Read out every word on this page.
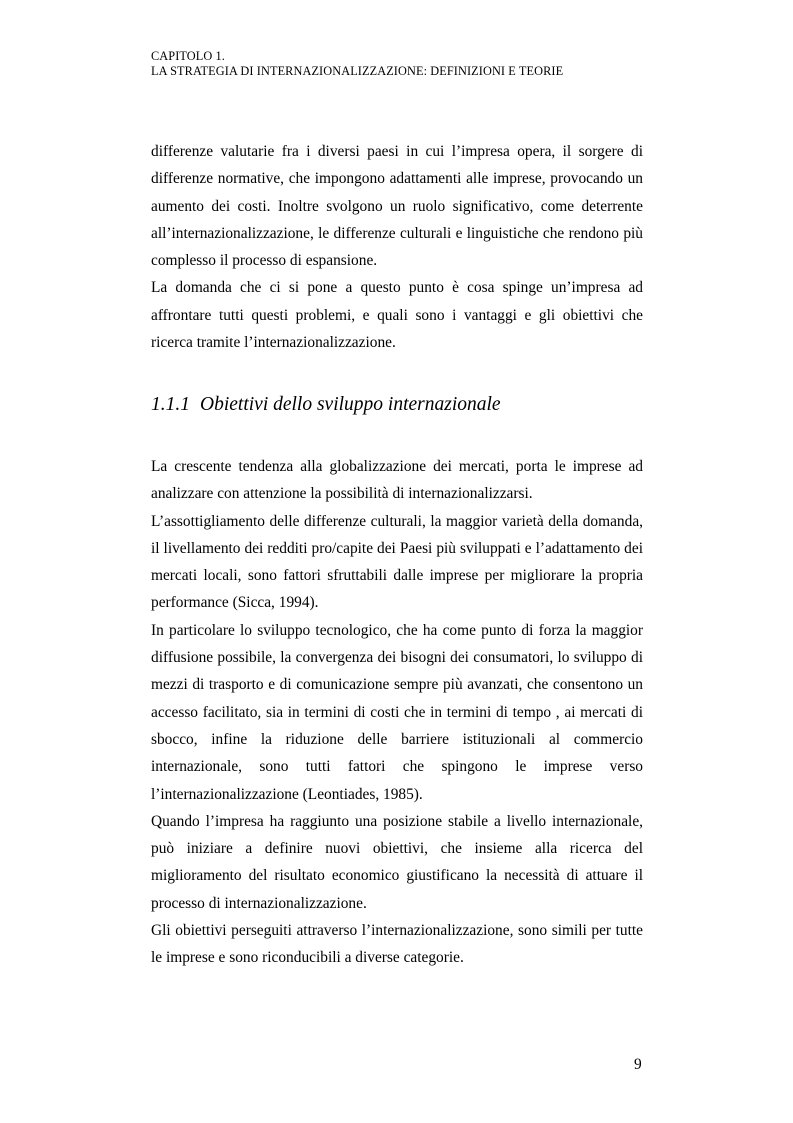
CAPITOLO 1.
LA STRATEGIA DI INTERNAZIONALIZZAZIONE: DEFINIZIONI E TEORIE

differenze valutarie fra i diversi paesi in cui l’impresa opera, il sorgere di differenze normative, che impongono adattamenti alle imprese, provocando un aumento dei costi. Inoltre svolgono un ruolo significativo, come deterrente all’internazionalizzazione, le differenze culturali e linguistiche che rendono più complesso il processo di espansione.

La domanda che ci si pone a questo punto è cosa spinge un’impresa ad affrontare tutti questi problemi, e quali sono i vantaggi e gli obiettivi che ricerca tramite l’internazionalizzazione.

1.1.1 Obiettivi dello sviluppo internazionale

La crescente tendenza alla globalizzazione dei mercati, porta le imprese ad analizzare con attenzione la possibilità di internazionalizzarsi.

L’assottigliamento delle differenze culturali, la maggior varietà della domanda, il livellamento dei redditi pro/capite dei Paesi più sviluppati e l’adattamento dei mercati locali, sono fattori sfruttabili dalle imprese per migliorare la propria performance (Sicca, 1994).

In particolare lo sviluppo tecnologico, che ha come punto di forza la maggior diffusione possibile, la convergenza dei bisogni dei consumatori, lo sviluppo di mezzi di trasporto e di comunicazione sempre più avanzati, che consentono un accesso facilitato, sia in termini di costi che in termini di tempo , ai mercati di sbocco, infine la riduzione delle barriere istituzionali al commercio internazionale, sono tutti fattori che spingono le imprese verso l’internazionalizzazione (Leontiades, 1985).

Quando l’impresa ha raggiunto una posizione stabile a livello internazionale, può iniziare a definire nuovi obiettivi, che insieme alla ricerca del miglioramento del risultato economico giustificano la necessità di attuare il processo di internazionalizzazione.

Gli obiettivi perseguiti attraverso l’internazionalizzazione, sono simili per tutte le imprese e sono riconducibili a diverse categorie.

9
